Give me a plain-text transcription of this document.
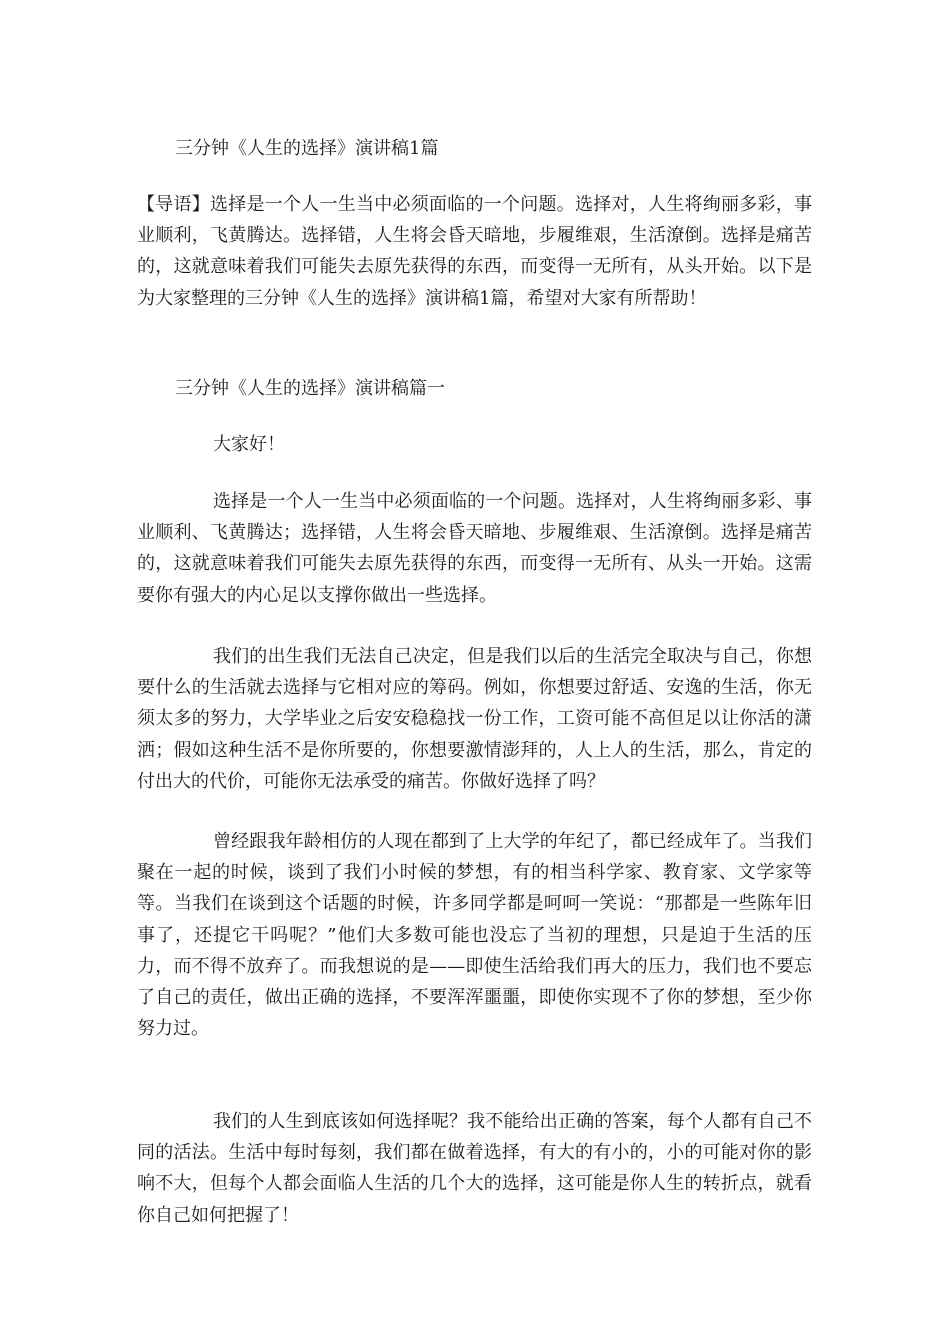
三分钟《人生的选择》演讲稿1篇

【导语】选择是一个人一生当中必须面临的一个问题。选择对，人生将绚丽多彩，事业顺利，飞黄腾达。选择错，人生将会昏天暗地，步履维艰，生活潦倒。选择是痛苦的，这就意味着我们可能失去原先获得的东西，而变得一无所有，从头开始。以下是为大家整理的三分钟《人生的选择》演讲稿1篇，希望对大家有所帮助！

三分钟《人生的选择》演讲稿篇一

大家好！

选择是一个人一生当中必须面临的一个问题。选择对，人生将绚丽多彩、事业顺利、飞黄腾达；选择错，人生将会昏天暗地、步履维艰、生活潦倒。选择是痛苦的，这就意味着我们可能失去原先获得的东西，而变得一无所有、从头一开始。这需要你有强大的内心足以支撑你做出一些选择。

我们的出生我们无法自己决定，但是我们以后的生活完全取决与自己，你想要什么的生活就去选择与它相对应的筹码。例如，你想要过舒适、安逸的生活，你无须太多的努力，大学毕业之后安安稳稳找一份工作，工资可能不高但足以让你活的潇洒；假如这种生活不是你所要的，你想要激情澎拜的，人上人的生活，那么，肯定的付出大的代价，可能你无法承受的痛苦。你做好选择了吗？

曾经跟我年龄相仿的人现在都到了上大学的年纪了，都已经成年了。当我们聚在一起的时候，谈到了我们小时候的梦想，有的相当科学家、教育家、文学家等等。当我们在谈到这个话题的时候，许多同学都是呵呵一笑说：“那都是一些陈年旧事了，还提它干吗呢？”他们大多数可能也没忘了当初的理想，只是迫于生活的压力，而不得不放弃了。而我想说的是——即使生活给我们再大的压力，我们也不要忘了自己的责任，做出正确的选择，不要浑浑噩噩，即使你实现不了你的梦想，至少你努力过。

我们的人生到底该如何选择呢？我不能给出正确的答案，每个人都有自己不同的活法。生活中每时每刻，我们都在做着选择，有大的有小的，小的可能对你的影响不大，但每个人都会面临人生活的几个大的选择，这可能是你人生的转折点，就看你自己如何把握了！
